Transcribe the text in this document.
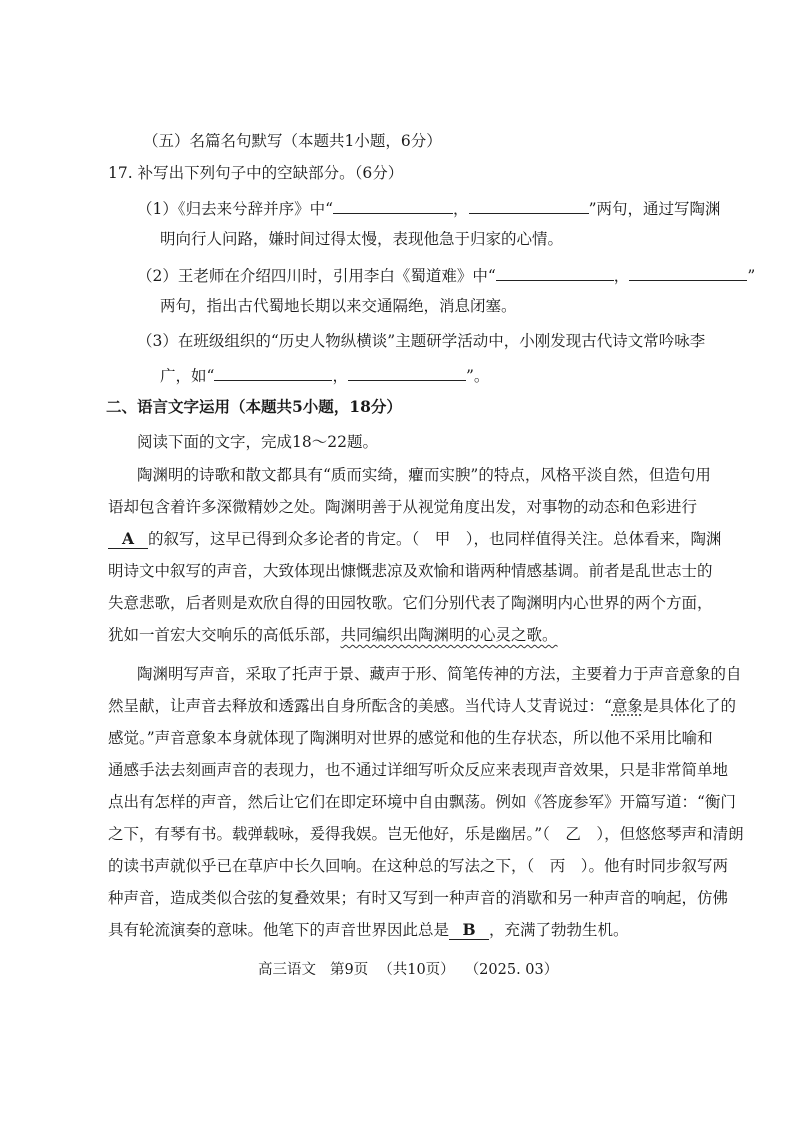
（五）名篇名句默写（本题共1小题，6分）
17. 补写出下列句子中的空缺部分。（6分）
（1）《归去来兮辞并序》中“	，	”两句，通过写陶渊
明向行人问路，嫌时间过得太慢，表现他急于归家的心情。
（2）王老师在介绍四川时，引用李白《蜀道难》中“	，	”
两句，指出古代蜀地长期以来交通隔绝，消息闭塞。
（3）在班级组织的“历史人物纵横谈”主题研学活动中，小刚发现古代诗文常吟咏李
广，如“	，	”。
二、语言文字运用（本题共5小题，18分）
阅读下面的文字，完成18～22题。
陶渊明的诗歌和散文都具有“质而实绮，癯而实腴”的特点，风格平淡自然，但造句用
语却包含着许多深微精妙之处。陶渊明善于从视觉角度出发，对事物的动态和色彩进行
A 的叙写，这早已得到众多论者的肯定。（　甲　），也同样值得关注。总体看来，陶渊
明诗文中叙写的声音，大致体现出慷慨悲凉及欢愉和谐两种情感基调。前者是乱世志士的
失意悲歌，后者则是欢欣自得的田园牧歌。它们分别代表了陶渊明内心世界的两个方面，
犹如一首宏大交响乐的高低乐部，共同编织出陶渊明的心灵之歌。
陶渊明写声音，采取了托声于景、藏声于形、简笔传神的方法，主要着力于声音意象的自
然呈献，让声音去释放和透露出自身所酝含的美感。当代诗人艾青说过：“意象是具体化了的
感觉。”声音意象本身就体现了陶渊明对世界的感觉和他的生存状态，所以他不采用比喻和
通感手法去刻画声音的表现力，也不通过详细写听众反应来表现声音效果，只是非常简单地
点出有怎样的声音，然后让它们在即定环境中自由飘荡。例如《答庞参军》开篇写道：“衡门
之下，有琴有书。载弹载咏，爰得我娱。岂无他好，乐是幽居。”（　乙　），但悠悠琴声和清朗
的读书声就似乎已在草庐中长久回响。在这种总的写法之下，（　丙　）。他有时同步叙写两
种声音，造成类似合弦的复叠效果；有时又写到一种声音的消歇和另一种声音的响起，仿佛
具有轮流演奏的意味。他笔下的声音世界因此总是 B ，充满了勃勃生机。
高三语文 第9页 （共10页） （2025. 03）
